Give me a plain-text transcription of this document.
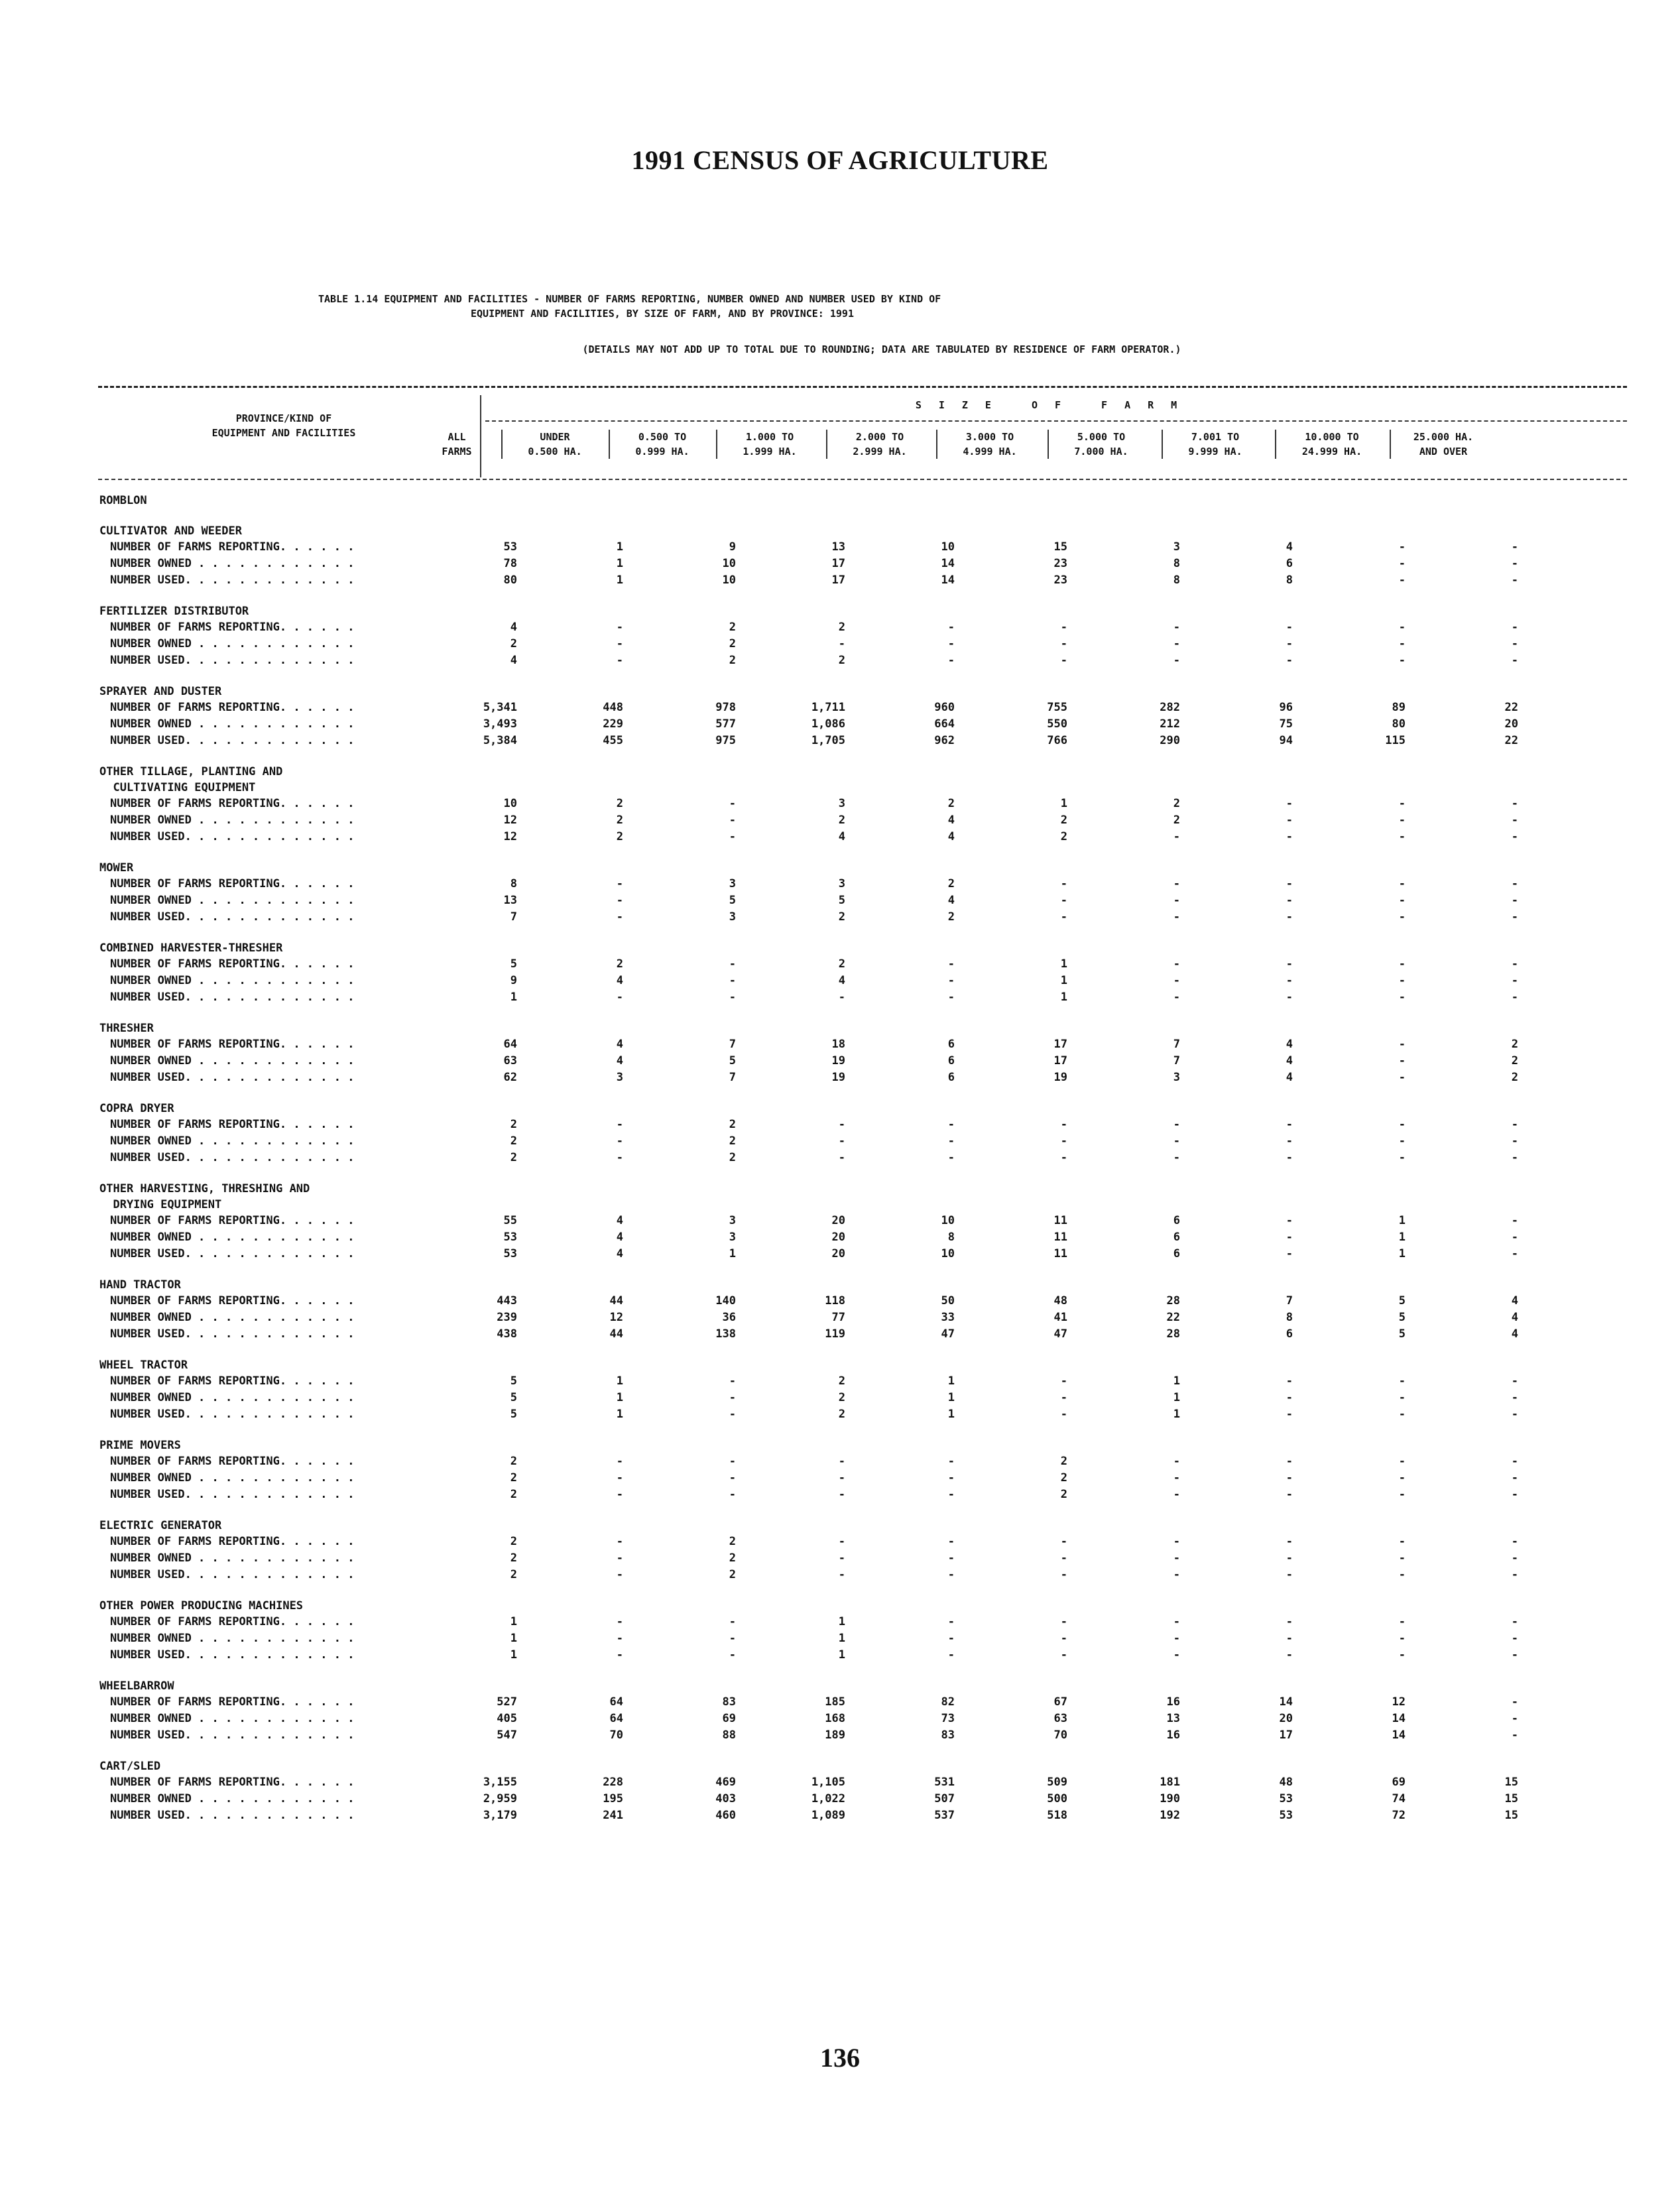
1991 CENSUS OF AGRICULTURE
TABLE 1.14 EQUIPMENT AND FACILITIES - NUMBER OF FARMS REPORTING, NUMBER OWNED AND NUMBER USED BY KIND OF
EQUIPMENT AND FACILITIES, BY SIZE OF FARM, AND BY PROVINCE: 1991
(DETAILS MAY NOT ADD UP TO TOTAL DUE TO ROUNDING; DATA ARE TABULATED BY RESIDENCE OF FARM OPERATOR.)
PROVINCE/KIND OF
EQUIPMENT AND FACILITIES
SIZE OF FARM
ALL
FARMS
UNDER
0.500 HA.
0.500 TO
0.999 HA.
1.000 TO
1.999 HA.
2.000 TO
2.999 HA.
3.000 TO
4.999 HA.
5.000 TO
7.000 HA.
7.001 TO
9.999 HA.
10.000 TO
24.999 HA.
25.000 HA.
AND OVER
ROMBLON
CULTIVATOR AND WEEDER
NUMBER OF FARMS REPORTING. . . . . .	53	1	9	13	10	15	3	4	-	-
NUMBER OWNED . . . . . . . . . . . .	78	1	10	17	14	23	8	6	-	-
NUMBER USED. . . . . . . . . . . . .	80	1	10	17	14	23	8	8	-	-
FERTILIZER DISTRIBUTOR
NUMBER OF FARMS REPORTING. . . . . .	4	-	2	2	-	-	-	-	-	-
NUMBER OWNED . . . . . . . . . . . .	2	-	2	-	-	-	-	-	-	-
NUMBER USED. . . . . . . . . . . . .	4	-	2	2	-	-	-	-	-	-
SPRAYER AND DUSTER
NUMBER OF FARMS REPORTING. . . . . .	5,341	448	978	1,711	960	755	282	96	89	22
NUMBER OWNED . . . . . . . . . . . .	3,493	229	577	1,086	664	550	212	75	80	20
NUMBER USED. . . . . . . . . . . . .	5,384	455	975	1,705	962	766	290	94	115	22
OTHER TILLAGE, PLANTING AND
CULTIVATING EQUIPMENT
NUMBER OF FARMS REPORTING. . . . . .	10	2	-	3	2	1	2	-	-	-
NUMBER OWNED . . . . . . . . . . . .	12	2	-	2	4	2	2	-	-	-
NUMBER USED. . . . . . . . . . . . .	12	2	-	4	4	2	-	-	-	-
MOWER
NUMBER OF FARMS REPORTING. . . . . .	8	-	3	3	2	-	-	-	-	-
NUMBER OWNED . . . . . . . . . . . .	13	-	5	5	4	-	-	-	-	-
NUMBER USED. . . . . . . . . . . . .	7	-	3	2	2	-	-	-	-	-
COMBINED HARVESTER-THRESHER
NUMBER OF FARMS REPORTING. . . . . .	5	2	-	2	-	1	-	-	-	-
NUMBER OWNED . . . . . . . . . . . .	9	4	-	4	-	1	-	-	-	-
NUMBER USED. . . . . . . . . . . . .	1	-	-	-	-	1	-	-	-	-
THRESHER
NUMBER OF FARMS REPORTING. . . . . .	64	4	7	18	6	17	7	4	-	2
NUMBER OWNED . . . . . . . . . . . .	63	4	5	19	6	17	7	4	-	2
NUMBER USED. . . . . . . . . . . . .	62	3	7	19	6	19	3	4	-	2
COPRA DRYER
NUMBER OF FARMS REPORTING. . . . . .	2	-	2	-	-	-	-	-	-	-
NUMBER OWNED . . . . . . . . . . . .	2	-	2	-	-	-	-	-	-	-
NUMBER USED. . . . . . . . . . . . .	2	-	2	-	-	-	-	-	-	-
OTHER HARVESTING, THRESHING AND
DRYING EQUIPMENT
NUMBER OF FARMS REPORTING. . . . . .	55	4	3	20	10	11	6	-	1	-
NUMBER OWNED . . . . . . . . . . . .	53	4	3	20	8	11	6	-	1	-
NUMBER USED. . . . . . . . . . . . .	53	4	1	20	10	11	6	-	1	-
HAND TRACTOR
NUMBER OF FARMS REPORTING. . . . . .	443	44	140	118	50	48	28	7	5	4
NUMBER OWNED . . . . . . . . . . . .	239	12	36	77	33	41	22	8	5	4
NUMBER USED. . . . . . . . . . . . .	438	44	138	119	47	47	28	6	5	4
WHEEL TRACTOR
NUMBER OF FARMS REPORTING. . . . . .	5	1	-	2	1	-	1	-	-	-
NUMBER OWNED . . . . . . . . . . . .	5	1	-	2	1	-	1	-	-	-
NUMBER USED. . . . . . . . . . . . .	5	1	-	2	1	-	1	-	-	-
PRIME MOVERS
NUMBER OF FARMS REPORTING. . . . . .	2	-	-	-	-	2	-	-	-	-
NUMBER OWNED . . . . . . . . . . . .	2	-	-	-	-	2	-	-	-	-
NUMBER USED. . . . . . . . . . . . .	2	-	-	-	-	2	-	-	-	-
ELECTRIC GENERATOR
NUMBER OF FARMS REPORTING. . . . . .	2	-	2	-	-	-	-	-	-	-
NUMBER OWNED . . . . . . . . . . . .	2	-	2	-	-	-	-	-	-	-
NUMBER USED. . . . . . . . . . . . .	2	-	2	-	-	-	-	-	-	-
OTHER POWER PRODUCING MACHINES
NUMBER OF FARMS REPORTING. . . . . .	1	-	-	1	-	-	-	-	-	-
NUMBER OWNED . . . . . . . . . . . .	1	-	-	1	-	-	-	-	-	-
NUMBER USED. . . . . . . . . . . . .	1	-	-	1	-	-	-	-	-	-
WHEELBARROW
NUMBER OF FARMS REPORTING. . . . . .	527	64	83	185	82	67	16	14	12	-
NUMBER OWNED . . . . . . . . . . . .	405	64	69	168	73	63	13	20	14	-
NUMBER USED. . . . . . . . . . . . .	547	70	88	189	83	70	16	17	14	-
CART/SLED
NUMBER OF FARMS REPORTING. . . . . .	3,155	228	469	1,105	531	509	181	48	69	15
NUMBER OWNED . . . . . . . . . . . .	2,959	195	403	1,022	507	500	190	53	74	15
NUMBER USED. . . . . . . . . . . . .	3,179	241	460	1,089	537	518	192	53	72	15
136
